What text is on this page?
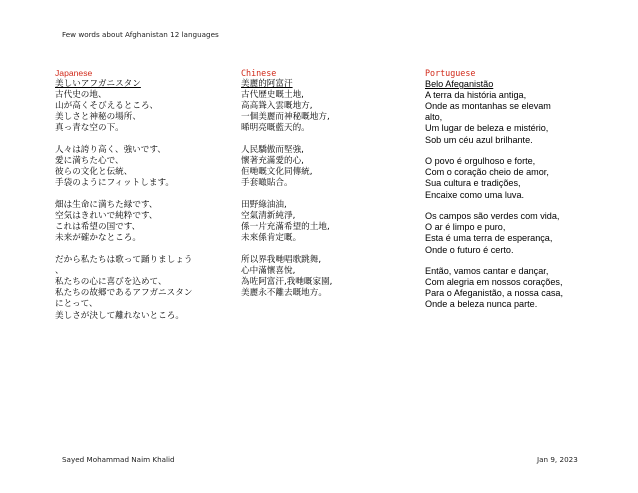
Few words about Afghanistan 12 languages
Japanese
美しいアフガニスタン
古代史の地、
山が高くそびえるところ、
美しさと神秘の場所、
真っ青な空の下。
人々は誇り高く、強いです、
愛に満ちた心で、
彼らの文化と伝統、
手袋のようにフィットします。
畑は生命に満ちた緑です、
空気はきれいで純粋です、
これは希望の国です、
未来が確かなところ。
だから私たちは歌って踊りましょう
、
私たちの心に喜びを込めて、
私たちの故郷であるアフガニスタン
にとって、
美しさが決して離れないところ。
Chinese
美麗的阿富汗
古代歷史嘅土地,
高高聳入雲嘅地方,
一個美麗而神秘嘅地方,
晞明亮嘅藍天的。
人民驕傲而堅強,
懷著充滿愛的心,
佢哋嘅文化同傳統,
手套噉貼合。
田野綠油油,
空氣清新純淨,
係一片充滿希望的土地,
未來係肯定嘅。
所以界我哋唱歌跳舞,
心中滿懷喜悅,
為咗阿富汗,我哋嘅家園,
美麗永不離去嘅地方。
Portuguese
Belo Afeganistão
A terra da história antiga,
Onde as montanhas se elevam
alto,
Um lugar de beleza e mistério,
Sob um céu azul brilhante.
O povo é orgulhoso e forte,
Com o coração cheio de amor,
Sua cultura e tradições,
Encaixe como uma luva.
Os campos são verdes com vida,
O ar é limpo e puro,
Esta é uma terra de esperança,
Onde o futuro é certo.
Então, vamos cantar e dançar,
Com alegria em nossos corações,
Para o Afeganistão, a nossa casa,
Onde a beleza nunca parte.
Sayed Mohammad Naim Khalid	Jan 9, 2023
